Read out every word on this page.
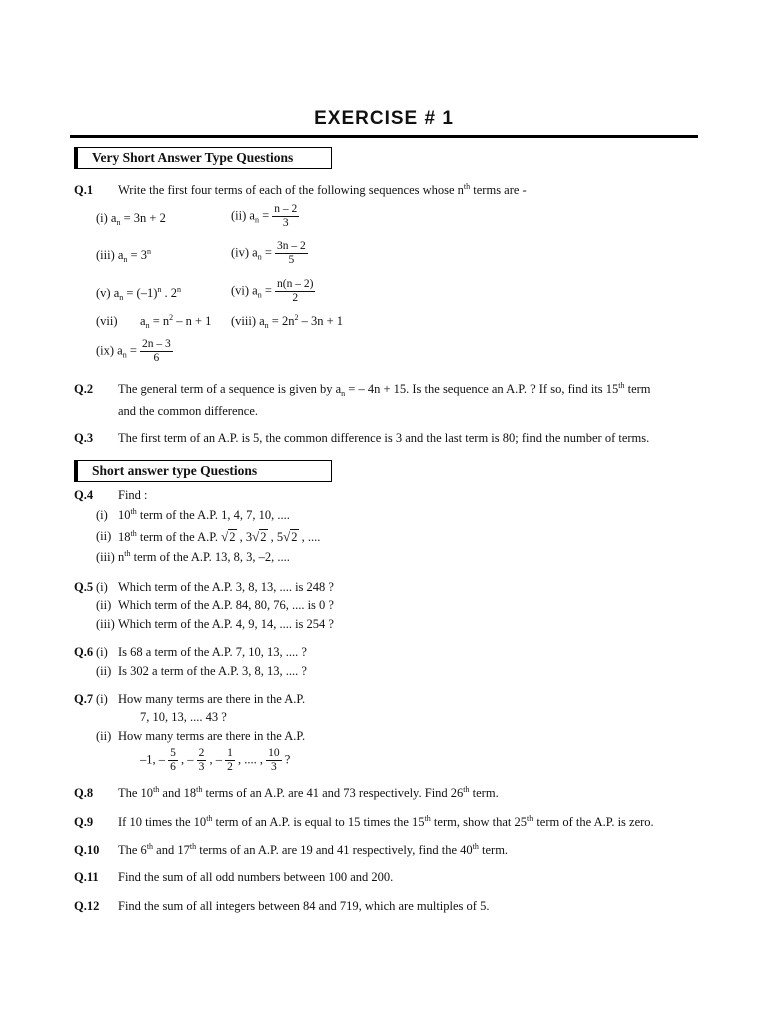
EXERCISE # 1
Very Short Answer Type Questions
Q.1 Write the first four terms of each of the following sequences whose $n^{th}$ terms are -
(i) $a_n = 3n + 2$	(ii) $a_n = \frac{n - 2}{3}$
(iii) $a_n = 3^n$	(iv) $a_n = \frac{3n - 2}{5}$
(v) $a_n = (-1)^n$ . 2$^n$	(vi) $a_n = \frac{n(n - 2)}{2}$
(vii) $a_n = n^2 - n + 1$ (viii) $a_n = 2n^2 - 3n + 1$
(ix) $a_n = \frac{2n - 3}{6}$
Q.2 The general term of a sequence is given by $a_n$ = – 4n + 15. Is the sequence an A.P. ? If so, find its 15th term
and the common difference.
Q.3 The first term of an A.P. is 5, the common difference is 3 and the last term is 80; find the number of terms.
Short answer type Questions
Q.4 Find :
(i) 10th term of the A.P. 1, 4, 7, 10, ....
(ii) 18th term of the A.P. √2 , 3√2 , 5√2 , ....
(iii) $n^{th}$ term of the A.P. 13, 8, 3, –2, ....
Q.5 (i) Which term of the A.P. 3, 8, 13, .... is 248 ?
(ii) Which term of the A.P. 84, 80, 76, .... is 0 ?
(iii) Which term of the A.P. 4, 9, 14, .... is 254 ?
Q.6 (i) Is 68 a term of the A.P. 7, 10, 13, .... ?
(ii) Is 302 a term of the A.P. 3, 8, 13, .... ?
Q.7 (i) How many terms are there in the A.P.
7, 10, 13, .... 43 ?
(ii) How many terms are there in the A.P.
–1, – $\frac{5}{6}$ , – $\frac{2}{3}$ , – $\frac{1}{2}$ , .... , $\frac{10}{3}$ ?
Q.8 The 10th and 18th terms of an A.P. are 41 and 73 respectively. Find 26th term.
Q.9 If 10 times the 10th term of an A.P. is equal to 15 times the 15th term, show that 25th term of the A.P. is zero.
Q.10 The 6th and 17th terms of an A.P. are 19 and 41 respectively, find the 40th term.
Q.11 Find the sum of all odd numbers between 100 and 200.
Q.12 Find the sum of all integers between 84 and 719, which are multiples of 5.
